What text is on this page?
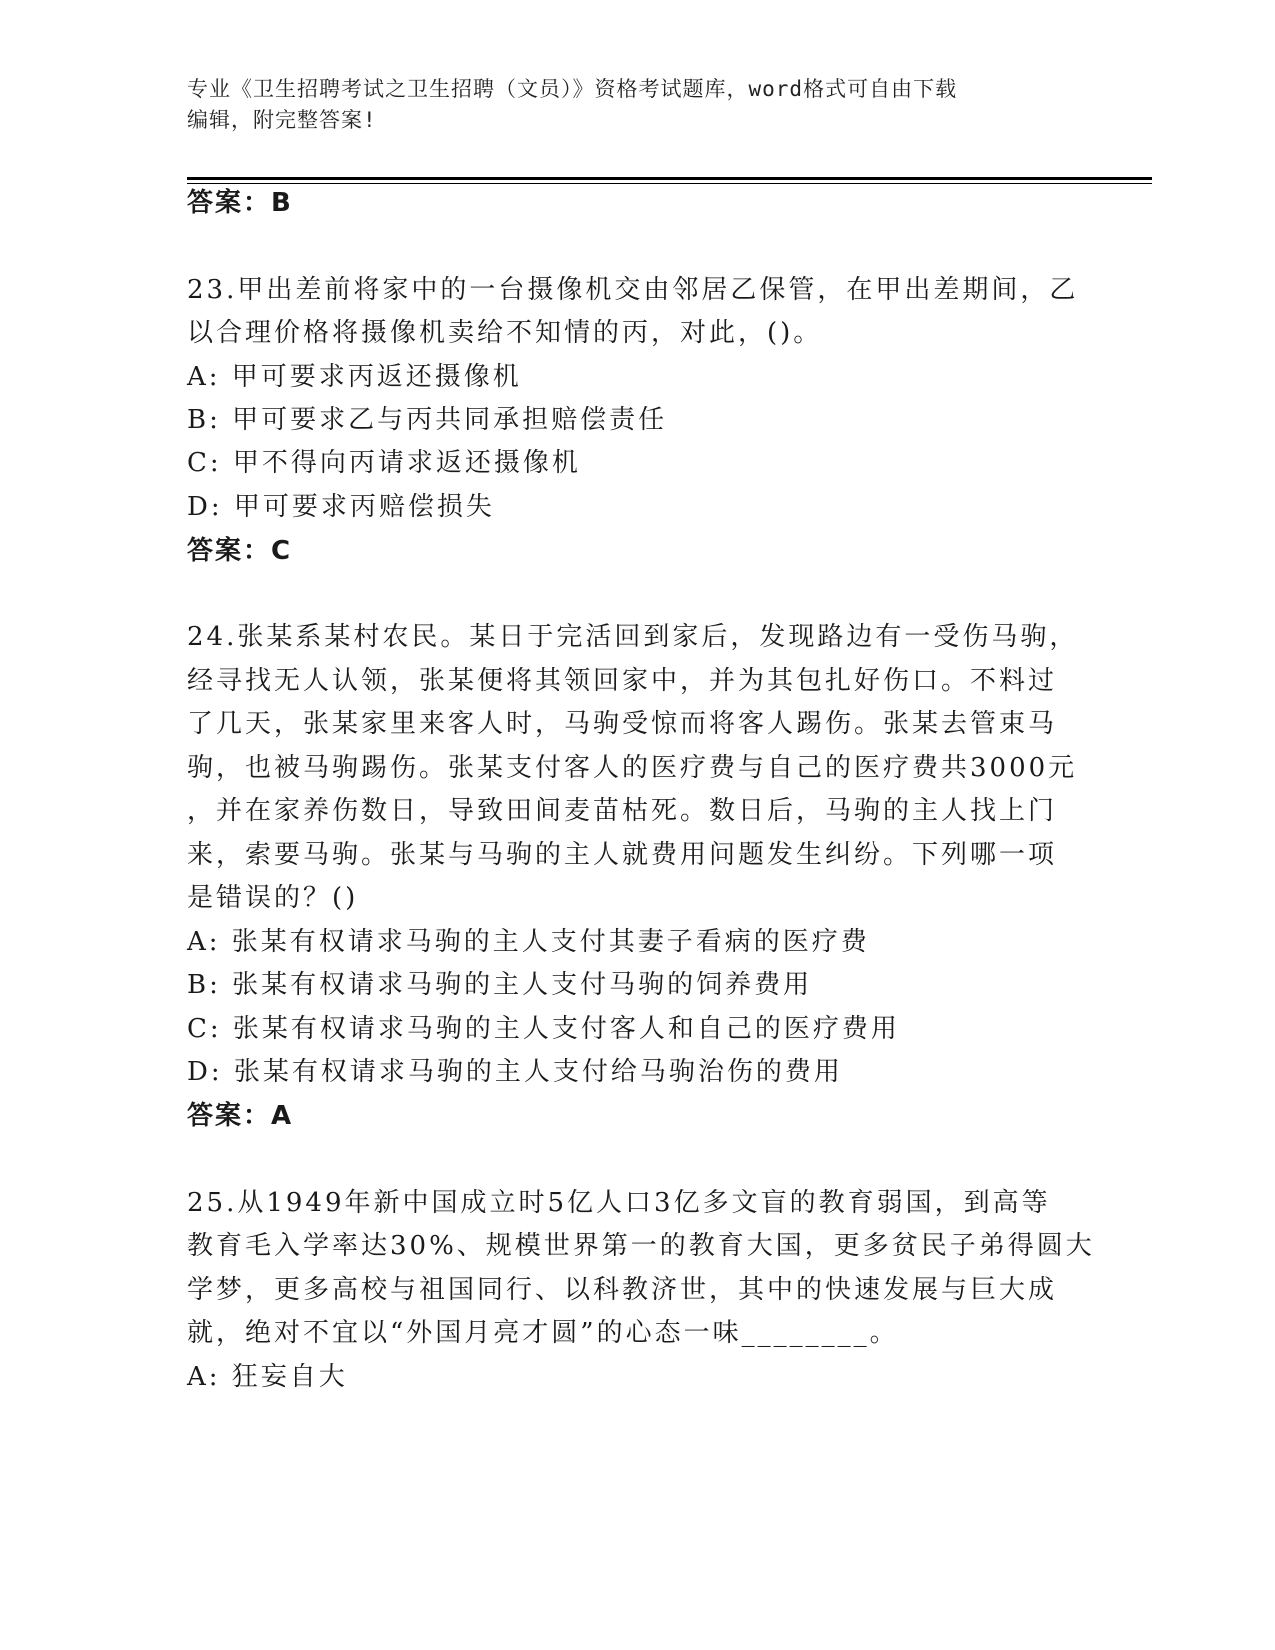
专业《卫生招聘考试之卫生招聘（文员）》资格考试题库，word格式可自由下载
编辑，附完整答案!
答案：B
23.甲出差前将家中的一台摄像机交由邻居乙保管，在甲出差期间，乙
以合理价格将摄像机卖给不知情的丙，对此，()。
A: 甲可要求丙返还摄像机
B: 甲可要求乙与丙共同承担赔偿责任
C: 甲不得向丙请求返还摄像机
D: 甲可要求丙赔偿损失
答案：C
24.张某系某村农民。某日于完活回到家后，发现路边有一受伤马驹，
经寻找无人认领，张某便将其领回家中，并为其包扎好伤口。不料过
了几天，张某家里来客人时，马驹受惊而将客人踢伤。张某去管束马
驹，也被马驹踢伤。张某支付客人的医疗费与自己的医疗费共3000元
，并在家养伤数日，导致田间麦苗枯死。数日后，马驹的主人找上门
来，索要马驹。张某与马驹的主人就费用问题发生纠纷。下列哪一项
是错误的？()
A: 张某有权请求马驹的主人支付其妻子看病的医疗费
B: 张某有权请求马驹的主人支付马驹的饲养费用
C: 张某有权请求马驹的主人支付客人和自己的医疗费用
D: 张某有权请求马驹的主人支付给马驹治伤的费用
答案：A
25.从1949年新中国成立时5亿人口3亿多文盲的教育弱国，到高等
教育毛入学率达30%、规模世界第一的教育大国，更多贫民子弟得圆大
学梦，更多高校与祖国同行、以科教济世，其中的快速发展与巨大成
就，绝对不宜以“外国月亮才圆”的心态一味________。
A: 狂妄自大
